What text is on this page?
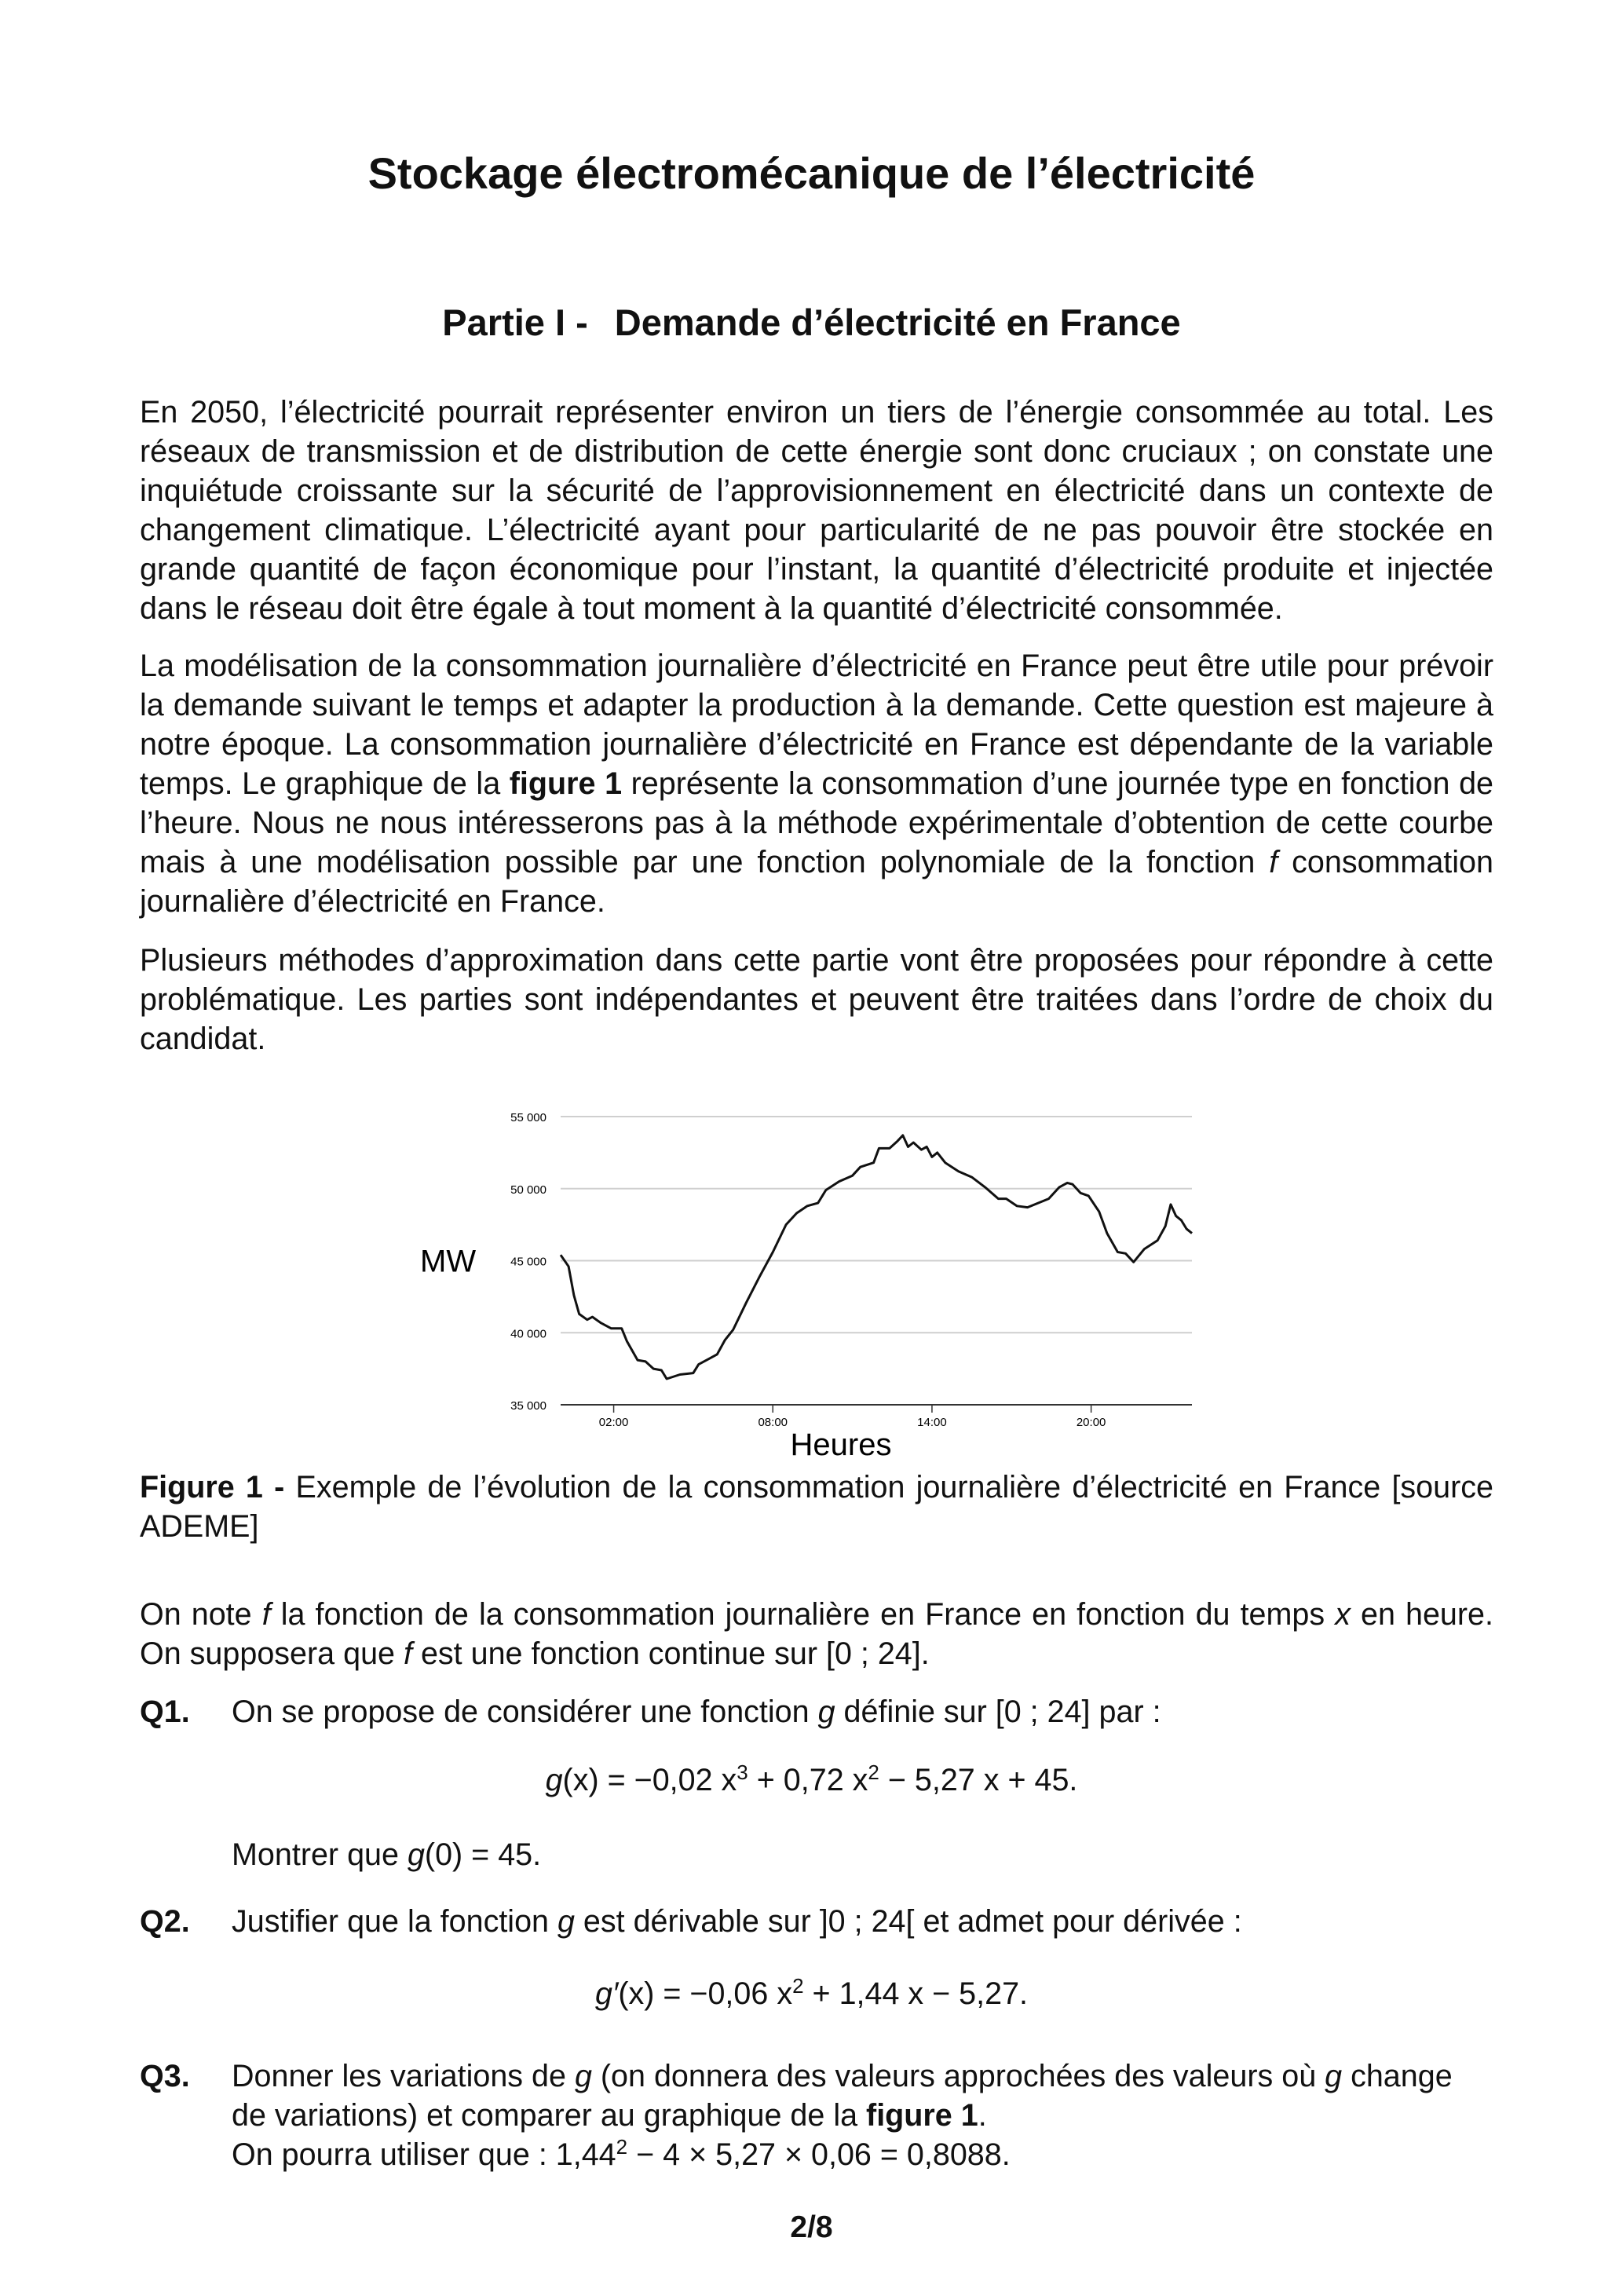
Stockage électromécanique de l’électricité
Partie I - Demande d’électricité en France

En 2050, l’électricité pourrait représenter environ un tiers de l’énergie consommée au total. Les réseaux de transmission et de distribution de cette énergie sont donc cruciaux ; on constate une inquiétude croissante sur la sécurité de l’approvisionnement en électricité dans un contexte de changement climatique. L’électricité ayant pour particularité de ne pas pouvoir être stockée en grande quantité de façon économique pour l’instant, la quantité d’électricité produite et injectée dans le réseau doit être égale à tout moment à la quantité d’électricité consommée.

La modélisation de la consommation journalière d’électricité en France peut être utile pour prévoir la demande suivant le temps et adapter la production à la demande. Cette question est majeure à notre époque. La consommation journalière d’électricité en France est dépendante de la variable temps. Le graphique de la figure 1 représente la consommation d’une journée type en fonction de l’heure. Nous ne nous intéresserons pas à la méthode expérimentale d’obtention de cette courbe mais à une modélisation possible par une fonction polynomiale de la fonction f consommation journalière d’électricité en France.

Plusieurs méthodes d’approximation dans cette partie vont être proposées pour répondre à cette problématique. Les parties sont indépendantes et peuvent être traitées dans l’ordre de choix du candidat.

35 000
40 000
45 000
50 000
55 000
02:00	08:00	14:00	20:00
MW
Heures

Figure 1 - Exemple de l’évolution de la consommation journalière d’électricité en France [source ADEME]

On note f la fonction de la consommation journalière en France en fonction du temps x en heure. On supposera que f est une fonction continue sur [0 ; 24].

Q1. On se propose de considérer une fonction g définie sur [0 ; 24] par :
g(x) = −0,02 $x^3 + 0,72$ $x^2 - 5,27$ x + 45.
Montrer que g(0) = 45.
Q2. Justifier que la fonction g est dérivable sur ]0 ; 24[ et admet pour dérivée :
g′(x) = −0,06 $x^2 + 1,44$ x − 5,27.
Q3. Donner les variations de g (on donnera des valeurs approchées des valeurs où g change de variations) et comparer au graphique de la figure 1.
On pourra utiliser que : $1,44^2 - 4 \times 5,27 \times 0,06 = 0,8088$.
2/8
